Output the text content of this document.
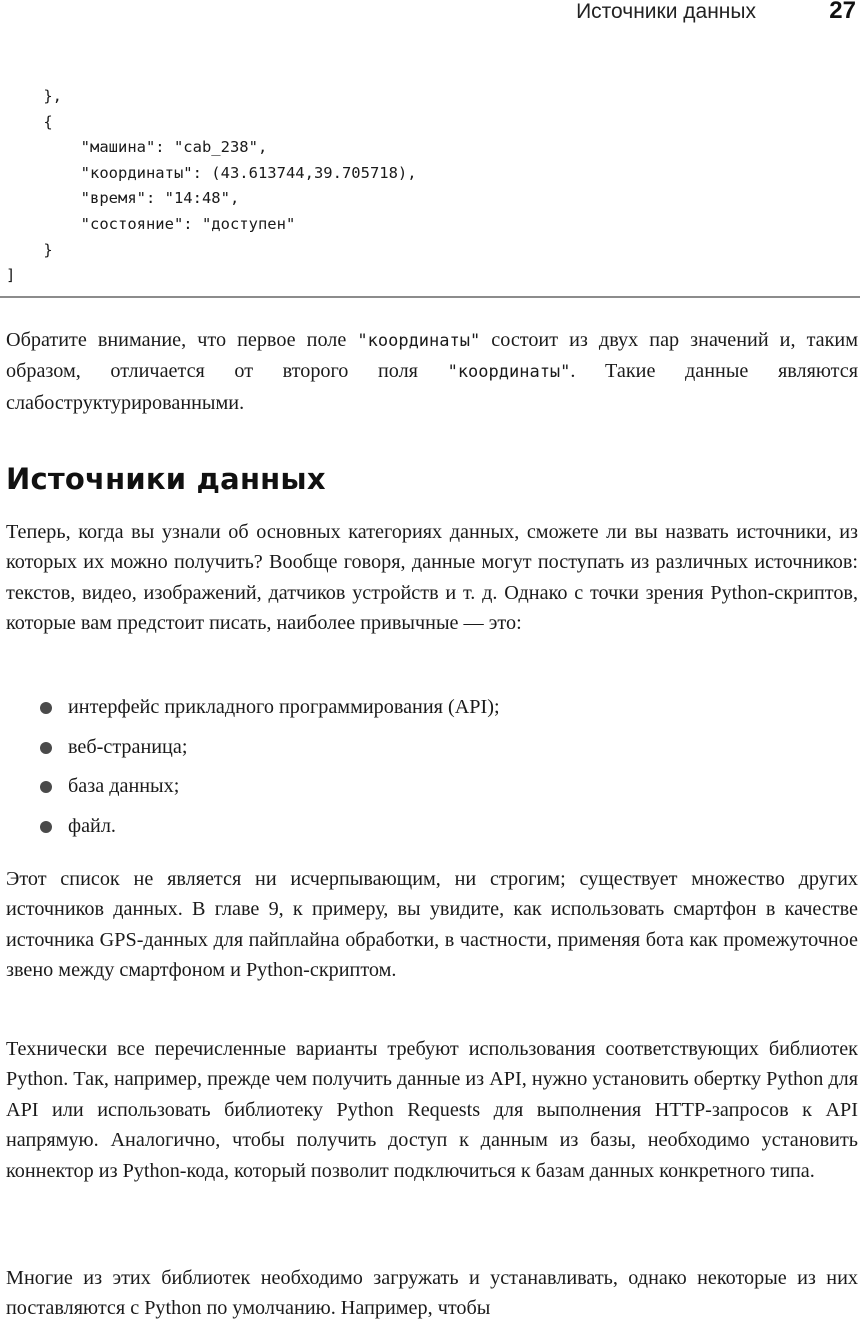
Источники данных	27
},
{
"машина": "cab_238",
"координаты": (43.613744,39.705718),
"время": "14:48",
"состояние": "доступен"
}
]

Обратите внимание, что первое поле "координаты" состоит из двух пар значений и, таким образом, отличается от второго поля "координаты". Такие данные являются слабоструктурированными.

Источники данных

Теперь, когда вы узнали об основных категориях данных, сможете ли вы назвать источники, из которых их можно получить? Вообще говоря, данные могут поступать из различных источников: текстов, видео, изображений, датчиков устройств и т. д. Однако с точки зрения Python-скриптов, которые вам предстоит писать, наиболее привычные — это:

интерфейс прикладного программирования (API);
веб-страница;
база данных;
файл.

Этот список не является ни исчерпывающим, ни строгим; существует множество других источников данных. В главе 9, к примеру, вы увидите, как использовать смартфон в качестве источника GPS-данных для пайплайна обработки, в частности, применяя бота как промежуточное звено между смартфоном и Python-скриптом.

Технически все перечисленные варианты требуют использования соответствующих библиотек Python. Так, например, прежде чем получить данные из API, нужно установить обертку Python для API или использовать библиотеку Python Requests для выполнения HTTP-запросов к API напрямую. Аналогично, чтобы получить доступ к данным из базы, необходимо установить коннектор из Python-кода, который позволит подключиться к базам данных конкретного типа.

Многие из этих библиотек необходимо загружать и устанавливать, однако некоторые из них поставляются с Python по умолчанию. Например, чтобы
